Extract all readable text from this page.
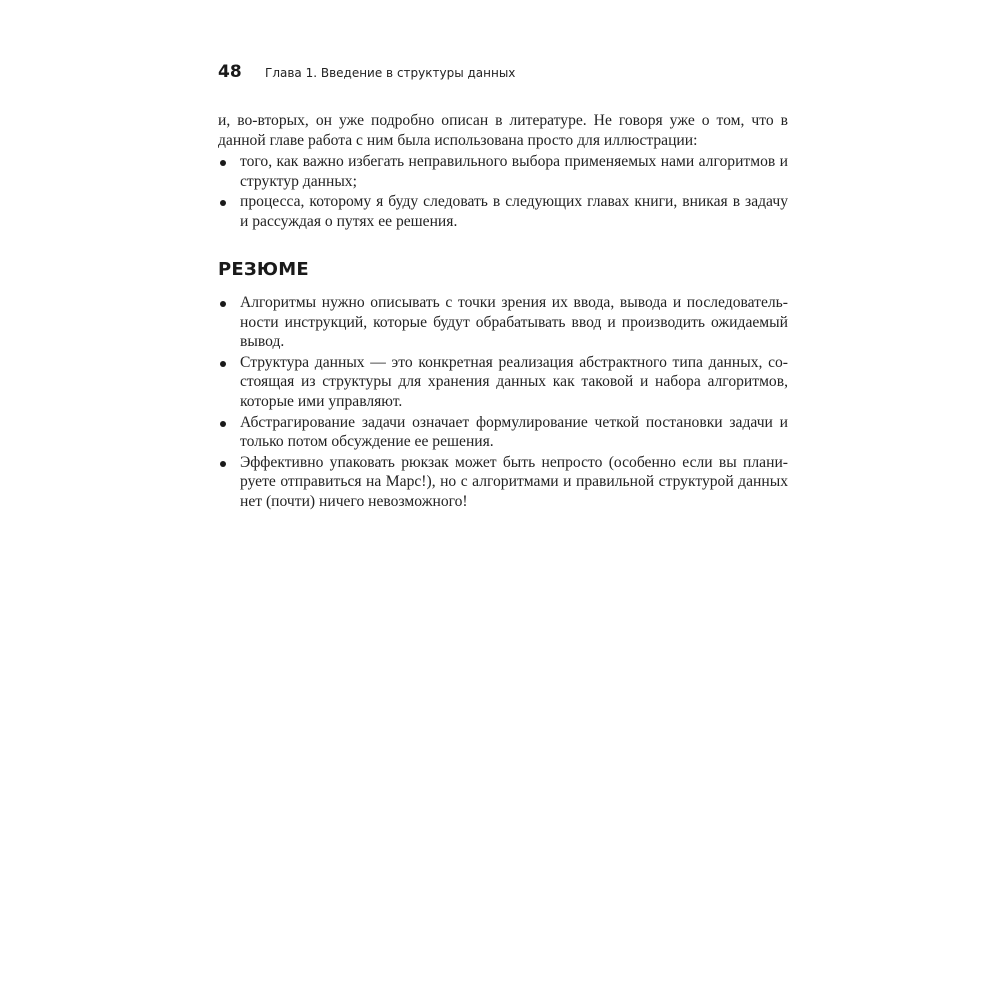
48 Глава 1. Введение в структуры данных

и, во-вторых, он уже подробно описан в литературе. Не говоря уже о том, что в данной главе работа с ним была использована просто для иллюстрации:

того, как важно избегать неправильного выбора применяемых нами алгоритмов и структур данных;
процесса, которому я буду следовать в следующих главах книги, вникая в задачу и рассуждая о путях ее решения.
РЕЗЮМЕ
Алгоритмы нужно описывать с точки зрения их ввода, вывода и последовательности инструкций, которые будут обрабатывать ввод и производить ожидаемый вывод.
Структура данных — это конкретная реализация абстрактного типа данных, состоящая из структуры для хранения данных как таковой и набора алгоритмов, которые ими управляют.
Абстрагирование задачи означает формулирование четкой постановки задачи и только потом обсуждение ее решения.
Эффективно упаковать рюкзак может быть непросто (особенно если вы планируете отправиться на Марс!), но с алгоритмами и правильной структурой данных нет (почти) ничего невозможного!
